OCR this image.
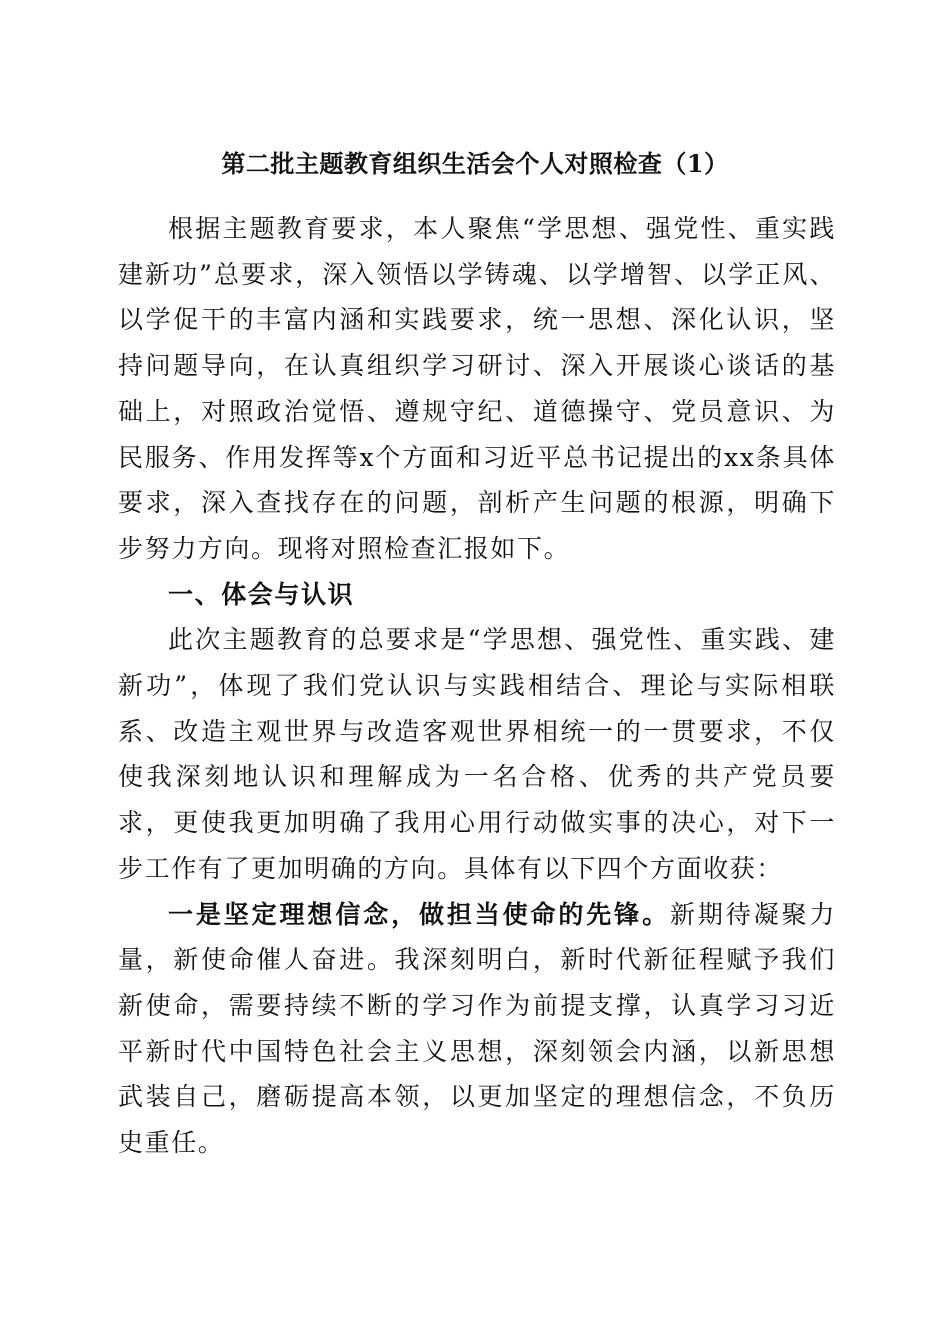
第二批主题教育组织生活会个人对照检查（1）

根据主题教育要求，本人聚焦“学思想、强党性、重实践建新功”总要求，深入领悟以学铸魂、以学增智、以学正风、以学促干的丰富内涵和实践要求，统一思想、深化认识，坚持问题导向，在认真组织学习研讨、深入开展谈心谈话的基础上，对照政治觉悟、遵规守纪、道德操守、党员意识、为民服务、作用发挥等x个方面和习近平总书记提出的xx条具体要求，深入查找存在的问题，剖析产生问题的根源，明确下步努力方向。现将对照检查汇报如下。

一、体会与认识

此次主题教育的总要求是“学思想、强党性、重实践、建新功”，体现了我们党认识与实践相结合、理论与实际相联系、改造主观世界与改造客观世界相统一的一贯要求，不仅使我深刻地认识和理解成为一名合格、优秀的共产党员要求，更使我更加明确了我用心用行动做实事的决心，对下一步工作有了更加明确的方向。具体有以下四个方面收获：

一是坚定理想信念，做担当使命的先锋。新期待凝聚力量，新使命催人奋进。我深刻明白，新时代新征程赋予我们新使命，需要持续不断的学习作为前提支撑，认真学习习近平新时代中国特色社会主义思想，深刻领会内涵，以新思想武装自己，磨砺提高本领，以更加坚定的理想信念，不负历史重任。
